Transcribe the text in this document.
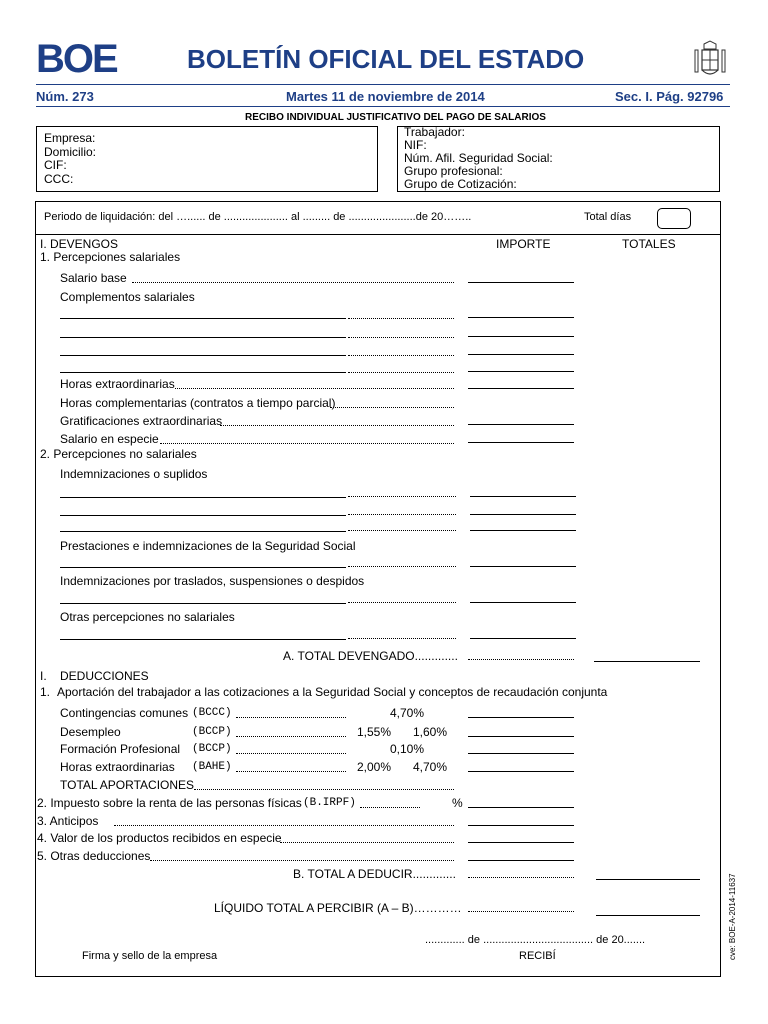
BOE	BOLETÍN OFICIAL DEL ESTADO
Núm. 273	Martes 11 de noviembre de 2014	Sec. I. Pág. 92796
RECIBO INDIVIDUAL JUSTIFICATIVO DEL PAGO DE SALARIOS
Empresa:
Domicilio:
CIF:
CCC:
Trabajador:
NIF:
Núm. Afil. Seguridad Social:
Grupo profesional:
Grupo de Cotización:
Periodo de liquidación: del …...... de ..................... al ......... de ......................de 20……..	Total días
I. DEVENGOS	IMPORTE	TOTALES
1. Percepciones salariales
Salario base
Complementos salariales
Horas extraordinarias
Horas complementarias (contratos a tiempo parcial)
Gratificaciones extraordinarias
Salario en especie
2. Percepciones no salariales
Indemnizaciones o suplidos
Prestaciones e indemnizaciones de la Seguridad Social
Indemnizaciones por traslados, suspensiones o despidos
Otras percepciones no salariales
A. TOTAL DEVENGADO.............
I. DEDUCCIONES
1. Aportación del trabajador a las cotizaciones a la Seguridad Social y conceptos de recaudación conjunta
Contingencias comunes (BCCC)	4,70%
Desempleo	(BCCP)	1,55% 1,60%
Formación Profesional (BCCP)	0,10%
Horas extraordinarias (BAHE)	2,00% 4,70%
TOTAL APORTACIONES
2. Impuesto sobre la renta de las personas físicas (B.IRPF)	%
3. Anticipos
4. Valor de los productos recibidos en especie
5. Otras deducciones
B. TOTAL A DEDUCIR.............
LÍQUIDO TOTAL A PERCIBIR (A – B)…………
............. de .................................... de 20.......
Firma y sello de la empresa	RECIBÍ	cve: BOE-A-2014-11637
